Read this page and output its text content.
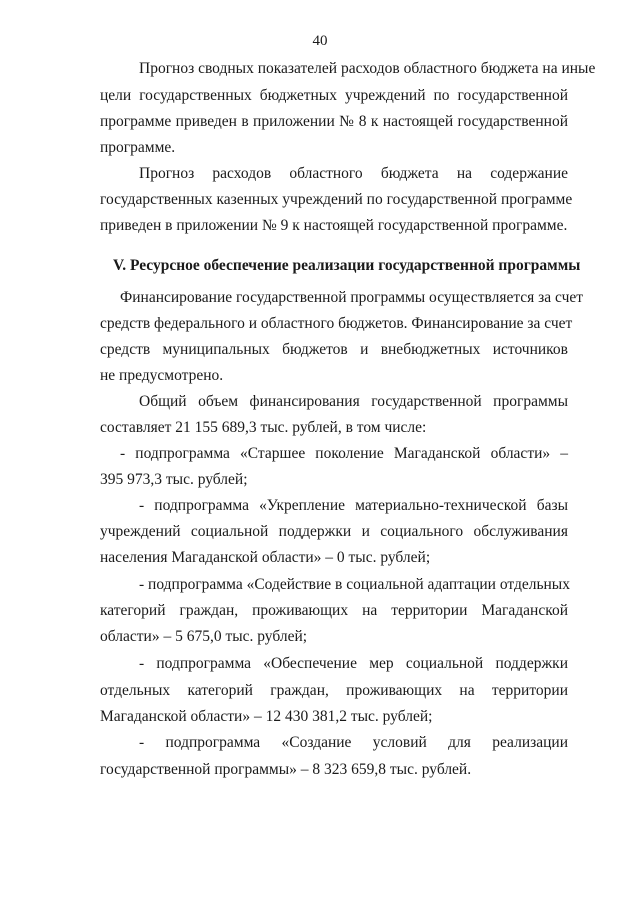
40
Прогноз сводных показателей расходов областного бюджета на иные
цели государственных бюджетных учреждений по государственной
программе приведен в приложении № 8 к настоящей государственной
программе.
Прогноз расходов областного бюджета на содержание
государственных казенных учреждений по государственной программе
приведен в приложении № 9 к настоящей государственной программе.
V. Ресурсное обеспечение реализации государственной программы
Финансирование государственной программы осуществляется за счет
средств федерального и областного бюджетов. Финансирование за счет
средств муниципальных бюджетов и внебюджетных источников
не предусмотрено.
Общий объем финансирования государственной программы
составляет 21 155 689,3 тыс. рублей, в том числе:
- подпрограмма «Старшее поколение Магаданской области» –
395 973,3 тыс. рублей;
- подпрограмма «Укрепление материально-технической базы
учреждений социальной поддержки и социального обслуживания
населения Магаданской области» – 0 тыс. рублей;
- подпрограмма «Содействие в социальной адаптации отдельных
категорий граждан, проживающих на территории Магаданской
области» – 5 675,0 тыс. рублей;
- подпрограмма «Обеспечение мер социальной поддержки
отдельных категорий граждан, проживающих на территории
Магаданской области» – 12 430 381,2 тыс. рублей;
- подпрограмма «Создание условий для реализации
государственной программы» – 8 323 659,8 тыс. рублей.
